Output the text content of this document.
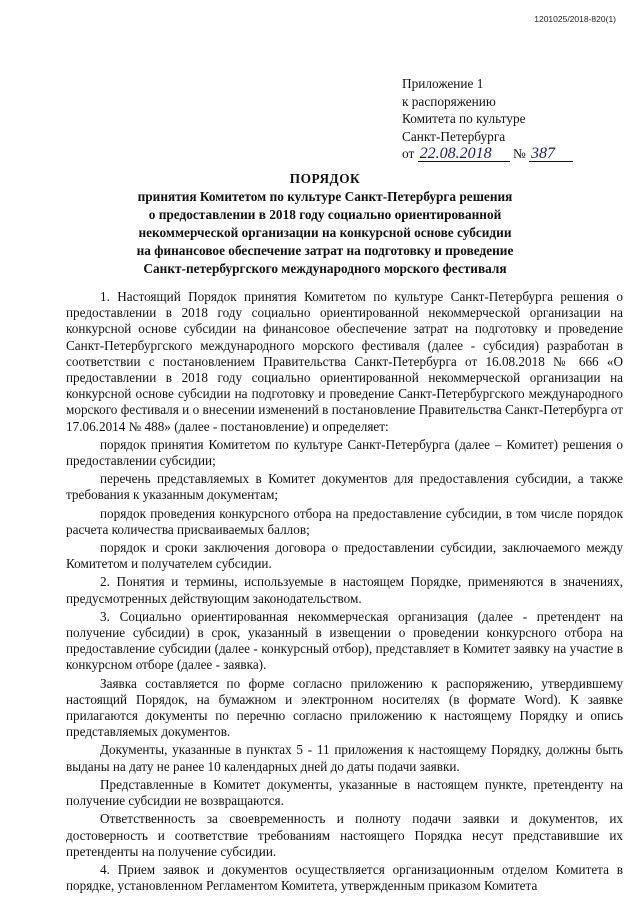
1201025/2018-820(1)
Приложение 1
к распоряжению
Комитета по культуре
Санкт-Петербурга
от 22.08.2018 № 387
ПОРЯДОК
принятия Комитетом по культуре Санкт-Петербурга решения
о предоставлении в 2018 году социально ориентированной
некоммерческой организации на конкурсной основе субсидии
на финансовое обеспечение затрат на подготовку и проведение
Санкт-петербургского международного морского фестиваля

1. Настоящий Порядок принятия Комитетом по культуре Санкт-Петербурга решения о предоставлении в 2018 году социально ориентированной некоммерческой организации на конкурсной основе субсидии на финансовое обеспечение затрат на подготовку и проведение Санкт-Петербургского международного морского фестиваля (далее - субсидия) разработан в соответствии с постановлением Правительства Санкт-Петербурга от 16.08.2018 № 666 «О предоставлении в 2018 году социально ориентированной некоммерческой организации на конкурсной основе субсидии на подготовку и проведение Санкт-Петербургского международного морского фестиваля и о внесении изменений в постановление Правительства Санкт-Петербурга от 17.06.2014 № 488» (далее - постановление) и определяет:

порядок принятия Комитетом по культуре Санкт-Петербурга (далее – Комитет) решения о предоставлении субсидии;

перечень представляемых в Комитет документов для предоставления субсидии, а также требования к указанным документам;

порядок проведения конкурсного отбора на предоставление субсидии, в том числе порядок расчета количества присваиваемых баллов;

порядок и сроки заключения договора о предоставлении субсидии, заключаемого между Комитетом и получателем субсидии.

2. Понятия и термины, используемые в настоящем Порядке, применяются в значениях, предусмотренных действующим законодательством.

3. Социально ориентированная некоммерческая организация (далее - претендент на получение субсидии) в срок, указанный в извещении о проведении конкурсного отбора на предоставление субсидии (далее - конкурсный отбор), представляет в Комитет заявку на участие в конкурсном отборе (далее - заявка).

Заявка составляется по форме согласно приложению к распоряжению, утвердившему настоящий Порядок, на бумажном и электронном носителях (в формате Word). К заявке прилагаются документы по перечню согласно приложению к настоящему Порядку и опись представляемых документов.

Документы, указанные в пунктах 5 - 11 приложения к настоящему Порядку, должны быть выданы на дату не ранее 10 календарных дней до даты подачи заявки.

Представленные в Комитет документы, указанные в настоящем пункте, претенденту на получение субсидии не возвращаются.

Ответственность за своевременность и полноту подачи заявки и документов, их достоверность и соответствие требованиям настоящего Порядка несут представившие их претенденты на получение субсидии.

4. Прием заявок и документов осуществляется организационным отделом Комитета в порядке, установленном Регламентом Комитета, утвержденным приказом Комитета
